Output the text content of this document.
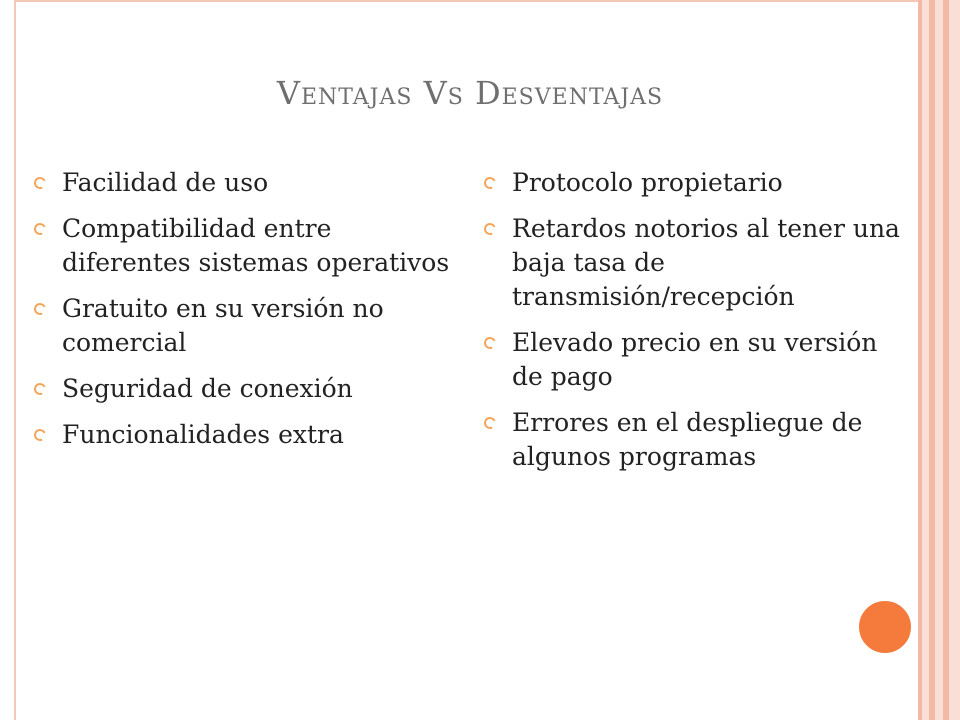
Ventajas Vs Desventajas
Facilidad de uso
Compatibilidad entre diferentes sistemas operativos
Gratuito en su versión no comercial
Seguridad de conexión
Funcionalidades extra
Protocolo propietario
Retardos notorios al tener una baja tasa de transmisión/recepción
Elevado precio en su versión de pago
Errores en el despliegue de algunos programas
